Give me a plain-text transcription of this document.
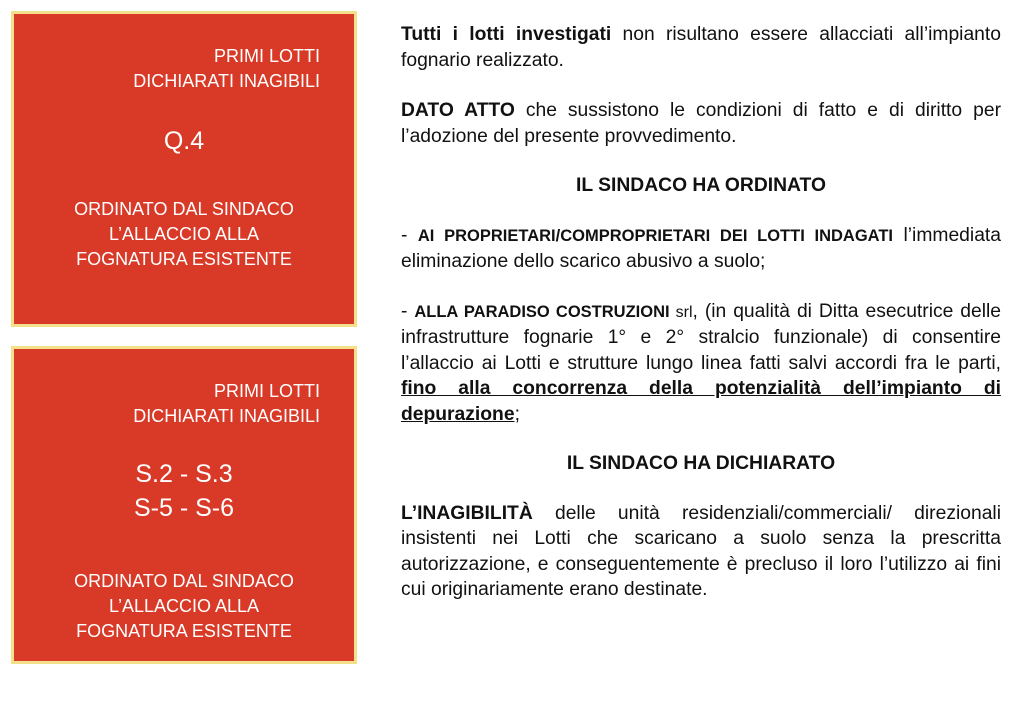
PRIMI LOTTI
DICHIARATI INAGIBILI
Q.4
ORDINATO DAL SINDACO
L’ALLACCIO ALLA
FOGNATURA ESISTENTE
PRIMI LOTTI
DICHIARATI INAGIBILI
S.2 - S.3
S-5 - S-6
ORDINATO DAL SINDACO
L’ALLACCIO ALLA
FOGNATURA ESISTENTE

Tutti i lotti investigati non risultano essere allacciati all’impianto fognario realizzato.

DATO ATTO che sussistono le condizioni di fatto e di diritto per l’adozione del presente provvedimento.

IL SINDACO HA ORDINATO

- AI PROPRIETARI/COMPROPRIETARI DEI LOTTI INDAGATI l’immediata eliminazione dello scarico abusivo a suolo;

- ALLA PARADISO COSTRUZIONI srl, (in qualità di Ditta esecutrice delle infrastrutture fognarie 1° e 2° stralcio funzionale) di consentire l’allaccio ai Lotti e strutture lungo linea fatti salvi accordi fra le parti, fino alla concorrenza della potenzialità dell’impianto di depurazione;

IL SINDACO HA DICHIARATO

L’INAGIBILITÀ delle unità residenziali/commerciali/ direzionali insistenti nei Lotti che scaricano a suolo senza la prescritta autorizzazione, e conseguentemente è precluso il loro l’utilizzo ai fini cui originariamente erano destinate.
